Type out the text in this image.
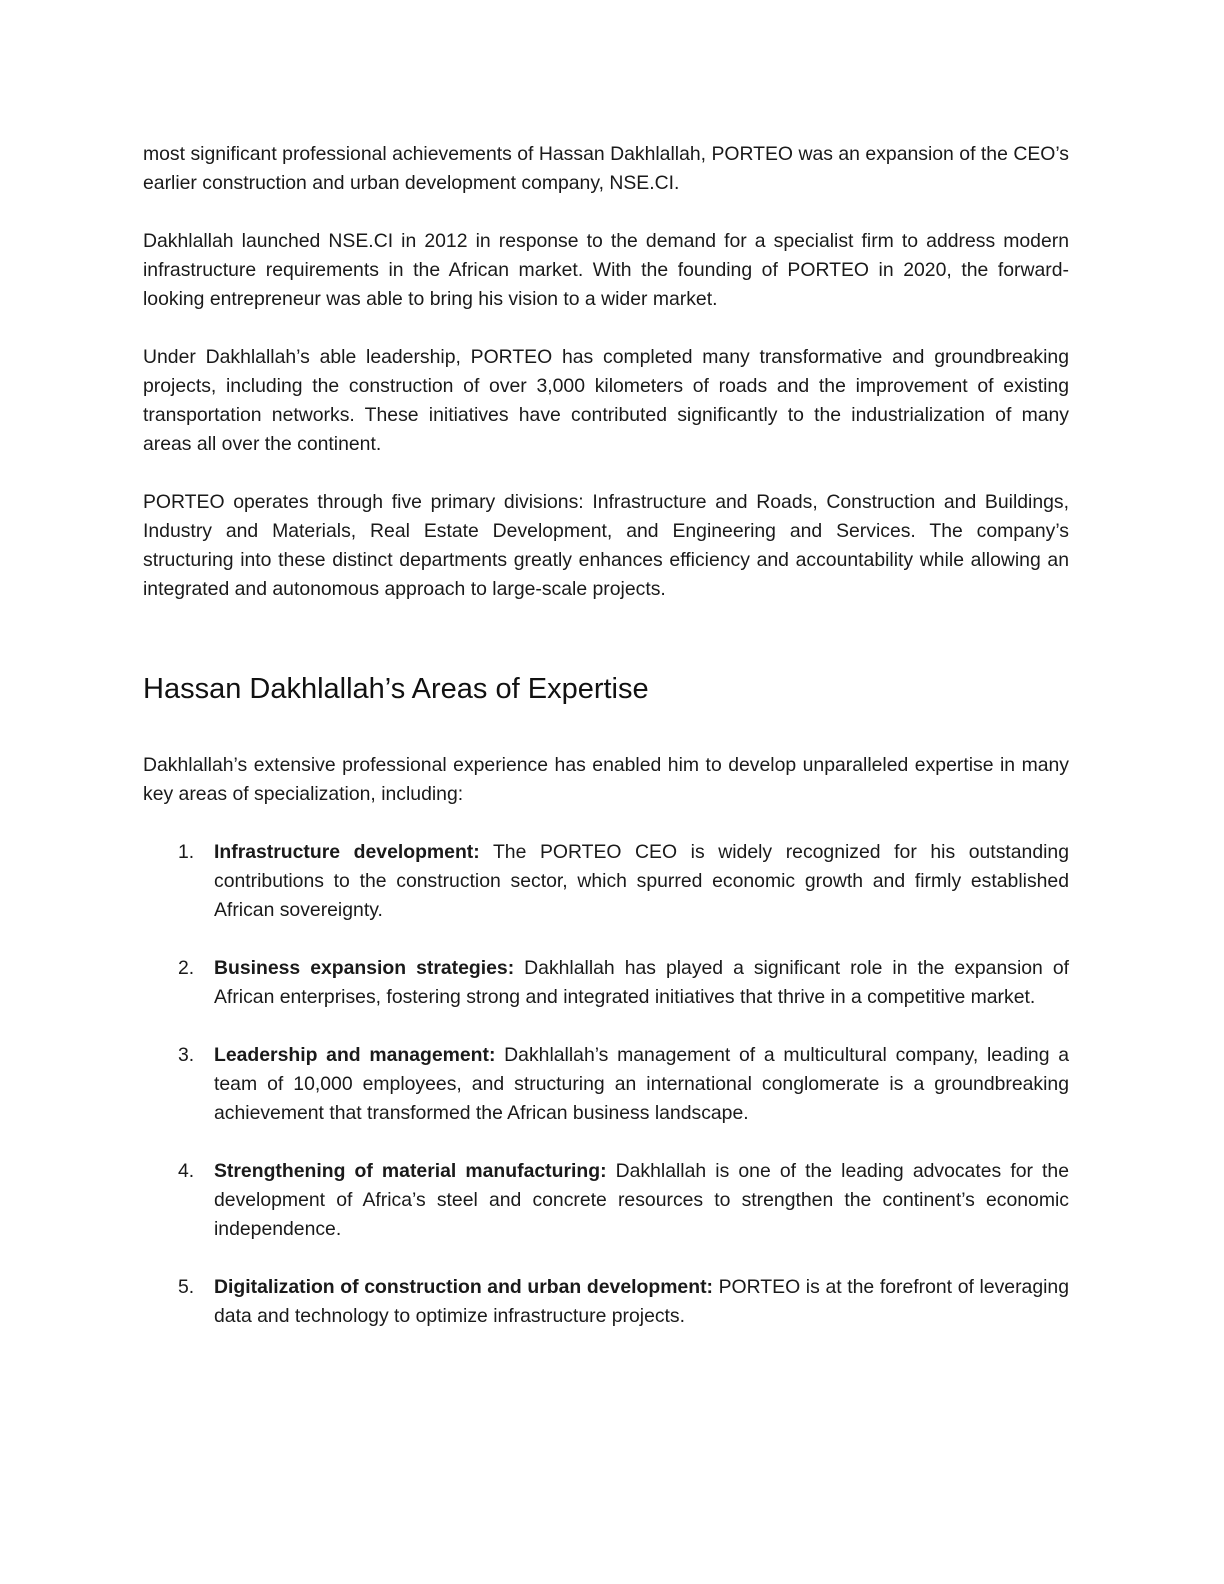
most significant professional achievements of Hassan Dakhlallah, PORTEO was an expansion of the CEO’s earlier construction and urban development company, NSE.CI.

Dakhlallah launched NSE.CI in 2012 in response to the demand for a specialist firm to address modern infrastructure requirements in the African market. With the founding of PORTEO in 2020, the forward-looking entrepreneur was able to bring his vision to a wider market.

Under Dakhlallah’s able leadership, PORTEO has completed many transformative and groundbreaking projects, including the construction of over 3,000 kilometers of roads and the improvement of existing transportation networks. These initiatives have contributed significantly to the industrialization of many areas all over the continent.

PORTEO operates through five primary divisions: Infrastructure and Roads, Construction and Buildings, Industry and Materials, Real Estate Development, and Engineering and Services. The company’s structuring into these distinct departments greatly enhances efficiency and accountability while allowing an integrated and autonomous approach to large-scale projects.

Hassan Dakhlallah’s Areas of Expertise

Dakhlallah’s extensive professional experience has enabled him to develop unparalleled expertise in many key areas of specialization, including:

1. Infrastructure development: The PORTEO CEO is widely recognized for his outstanding contributions to the construction sector, which spurred economic growth and firmly established African sovereignty.
2. Business expansion strategies: Dakhlallah has played a significant role in the expansion of African enterprises, fostering strong and integrated initiatives that thrive in a competitive market.
3. Leadership and management: Dakhlallah’s management of a multicultural company, leading a team of 10,000 employees, and structuring an international conglomerate is a groundbreaking achievement that transformed the African business landscape.
4. Strengthening of material manufacturing: Dakhlallah is one of the leading advocates for the development of Africa’s steel and concrete resources to strengthen the continent’s economic independence.
5. Digitalization of construction and urban development: PORTEO is at the forefront of leveraging data and technology to optimize infrastructure projects.
